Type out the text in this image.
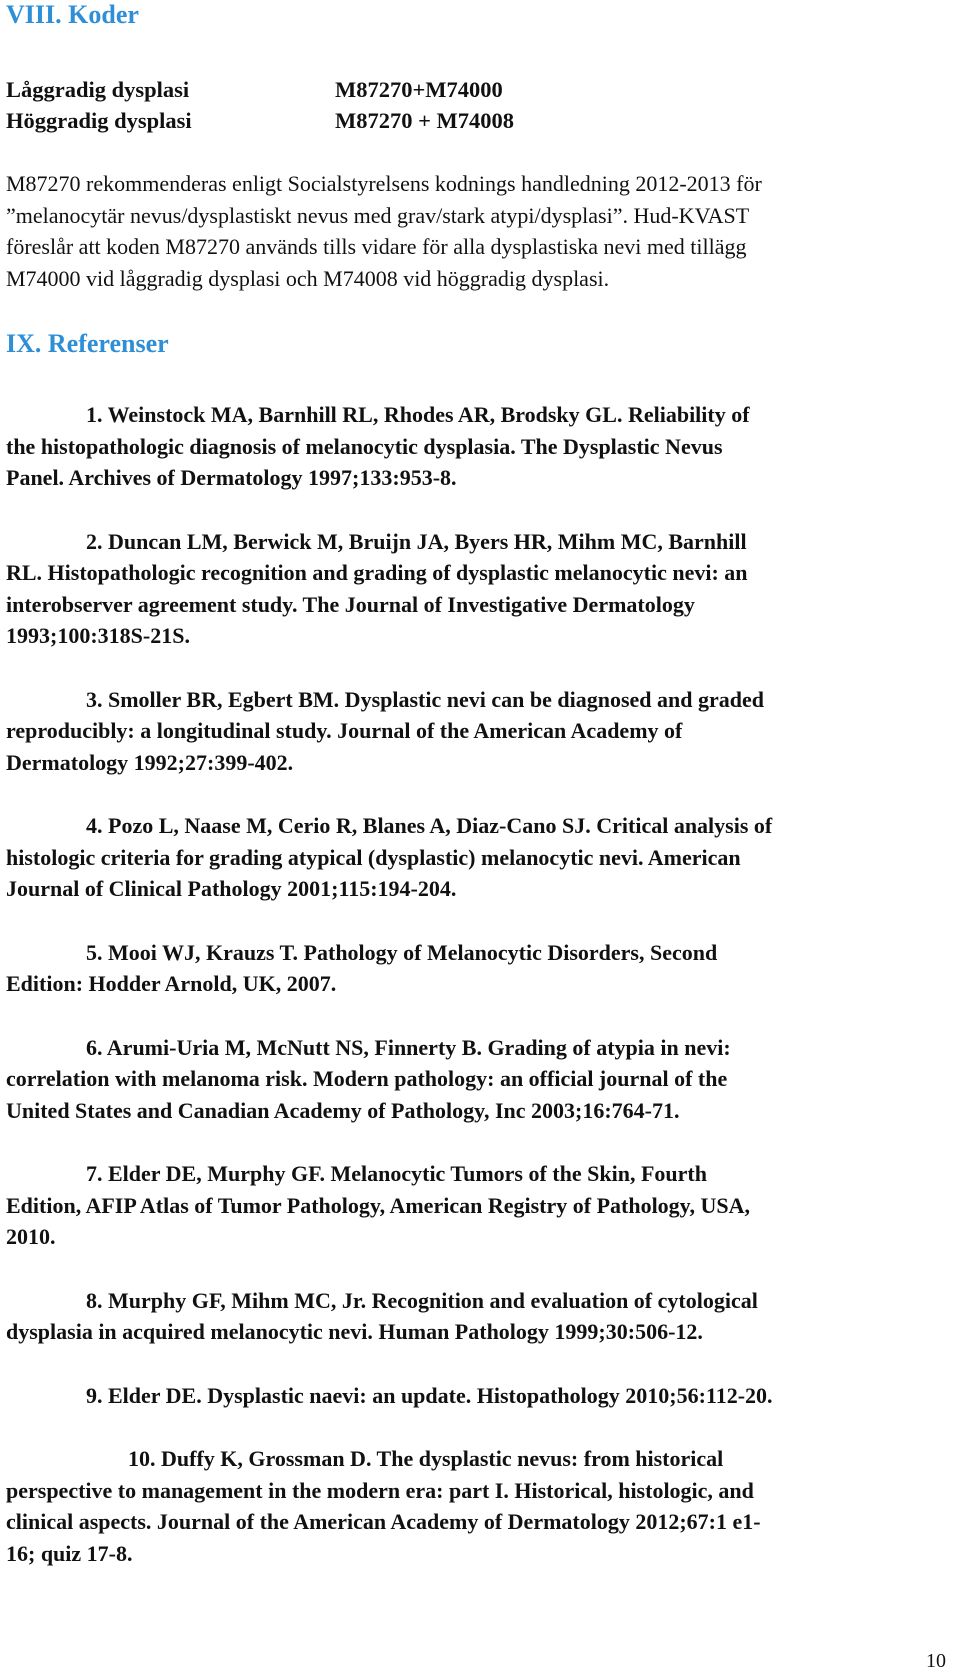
VIII. Koder
Låggradig dysplasi	M87270+M74000
Höggradig dysplasi	M87270 + M74008

M87270 rekommenderas enligt Socialstyrelsens kodnings handledning 2012-2013 för
”melanocytär nevus/dysplastiskt nevus med grav/stark atypi/dysplasi”. Hud-KVAST
föreslår att koden M87270 används tills vidare för alla dysplastiska nevi med tillägg
M74000 vid låggradig dysplasi och M74008 vid höggradig dysplasi.

IX. Referenser

1. Weinstock MA, Barnhill RL, Rhodes AR, Brodsky GL. Reliability of
the histopathologic diagnosis of melanocytic dysplasia. The Dysplastic Nevus
Panel. Archives of Dermatology 1997;133:953-8.

2. Duncan LM, Berwick M, Bruijn JA, Byers HR, Mihm MC, Barnhill
RL. Histopathologic recognition and grading of dysplastic melanocytic nevi: an
interobserver agreement study. The Journal of Investigative Dermatology
1993;100:318S-21S.

3. Smoller BR, Egbert BM. Dysplastic nevi can be diagnosed and graded
reproducibly: a longitudinal study. Journal of the American Academy of
Dermatology 1992;27:399-402.

4. Pozo L, Naase M, Cerio R, Blanes A, Diaz-Cano SJ. Critical analysis of
histologic criteria for grading atypical (dysplastic) melanocytic nevi. American
Journal of Clinical Pathology 2001;115:194-204.

5. Mooi WJ, Krauzs T. Pathology of Melanocytic Disorders, Second
Edition: Hodder Arnold, UK, 2007.

6. Arumi-Uria M, McNutt NS, Finnerty B. Grading of atypia in nevi:
correlation with melanoma risk. Modern pathology: an official journal of the
United States and Canadian Academy of Pathology, Inc 2003;16:764-71.

7. Elder DE, Murphy GF. Melanocytic Tumors of the Skin, Fourth
Edition, AFIP Atlas of Tumor Pathology, American Registry of Pathology, USA,
2010.

8. Murphy GF, Mihm MC, Jr. Recognition and evaluation of cytological
dysplasia in acquired melanocytic nevi. Human Pathology 1999;30:506-12.

9. Elder DE. Dysplastic naevi: an update. Histopathology 2010;56:112-20.

10. Duffy K, Grossman D. The dysplastic nevus: from historical
perspective to management in the modern era: part I. Historical, histologic, and
clinical aspects. Journal of the American Academy of Dermatology 2012;67:1 e1-
16; quiz 17-8.

10
